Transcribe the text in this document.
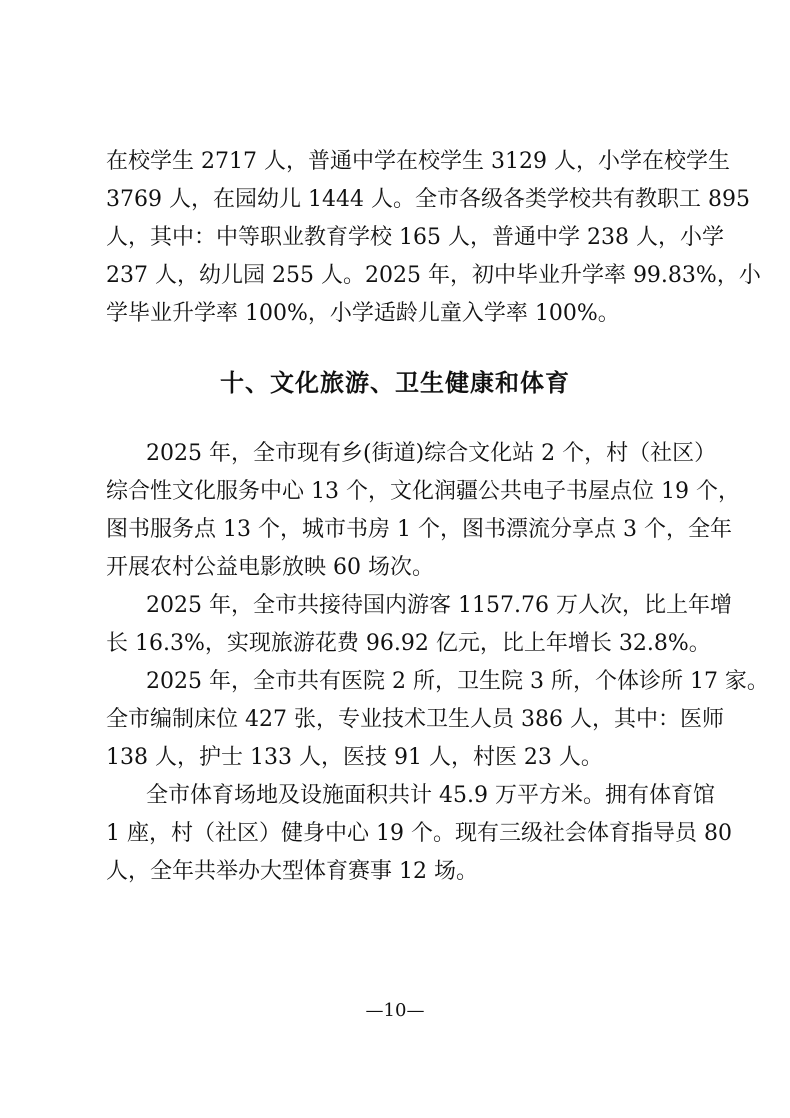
在校学生 2717 人，普通中学在校学生 3129 人，小学在校学生
3769 人，在园幼儿 1444 人。全市各级各类学校共有教职工 895
人，其中：中等职业教育学校 165 人，普通中学 238 人，小学
237 人，幼儿园 255 人。2025 年，初中毕业升学率 99.83%，小
学毕业升学率 100%，小学适龄儿童入学率 100%。
十、文化旅游、卫生健康和体育
2025 年，全市现有乡(街道)综合文化站 2 个，村（社区）
综合性文化服务中心 13 个，文化润疆公共电子书屋点位 19 个，
图书服务点 13 个，城市书房 1 个，图书漂流分享点 3 个，全年
开展农村公益电影放映 60 场次。
2025 年，全市共接待国内游客 1157.76 万人次，比上年增
长 16.3%，实现旅游花费 96.92 亿元，比上年增长 32.8%。
2025 年，全市共有医院 2 所，卫生院 3 所，个体诊所 17 家。
全市编制床位 427 张，专业技术卫生人员 386 人，其中：医师
138 人，护士 133 人，医技 91 人，村医 23 人。
全市体育场地及设施面积共计 45.9 万平方米。拥有体育馆
1 座，村（社区）健身中心 19 个。现有三级社会体育指导员 80
人，全年共举办大型体育赛事 12 场。
—10—
